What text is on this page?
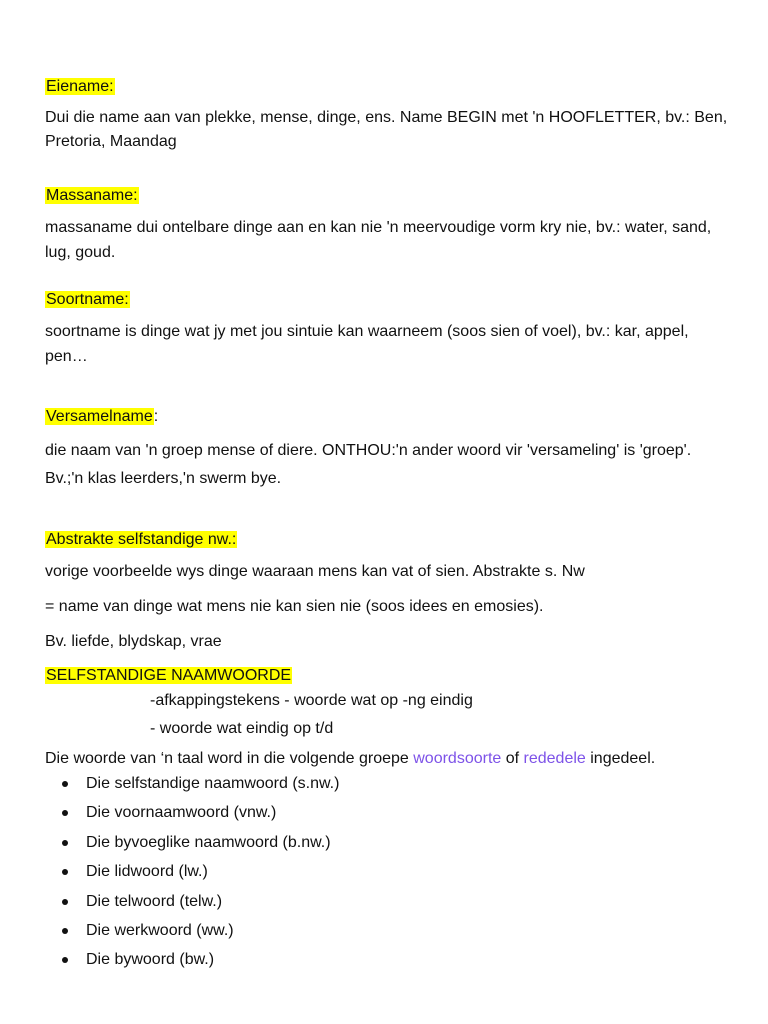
Eiename:
Dui die name aan van plekke, mense, dinge, ens. Name BEGIN met 'n HOOFLETTER, bv.: Ben,
Pretoria, Maandag
Massaname:
massaname dui ontelbare dinge aan en kan nie 'n meervoudige vorm kry nie, bv.: water, sand,
lug, goud.
Soortname:
soortname is dinge wat jy met jou sintuie kan waarneem (soos sien of voel), bv.: kar, appel,
pen…
Versamelname:
die naam van 'n groep mense of diere. ONTHOU:'n ander woord vir 'versameling' is 'groep'.
Bv.;'n klas leerders,'n swerm bye.
Abstrakte selfstandige nw.:
vorige voorbeelde wys dinge waaraan mens kan vat of sien. Abstrakte s. Nw
= name van dinge wat mens nie kan sien nie (soos idees en emosies).
Bv. liefde, blydskap, vrae
SELFSTANDIGE NAAMWOORDE
-afkappingstekens - woorde wat op -ng eindig
- woorde wat eindig op t/d
Die woorde van ‘n taal word in die volgende groepe woordsoorte of rededele ingedeel.
Die selfstandige naamwoord (s.nw.)
Die voornaamwoord (vnw.)
Die byvoeglike naamwoord (b.nw.)
Die lidwoord (lw.)
Die telwoord (telw.)
Die werkwoord (ww.)
Die bywoord (bw.)
